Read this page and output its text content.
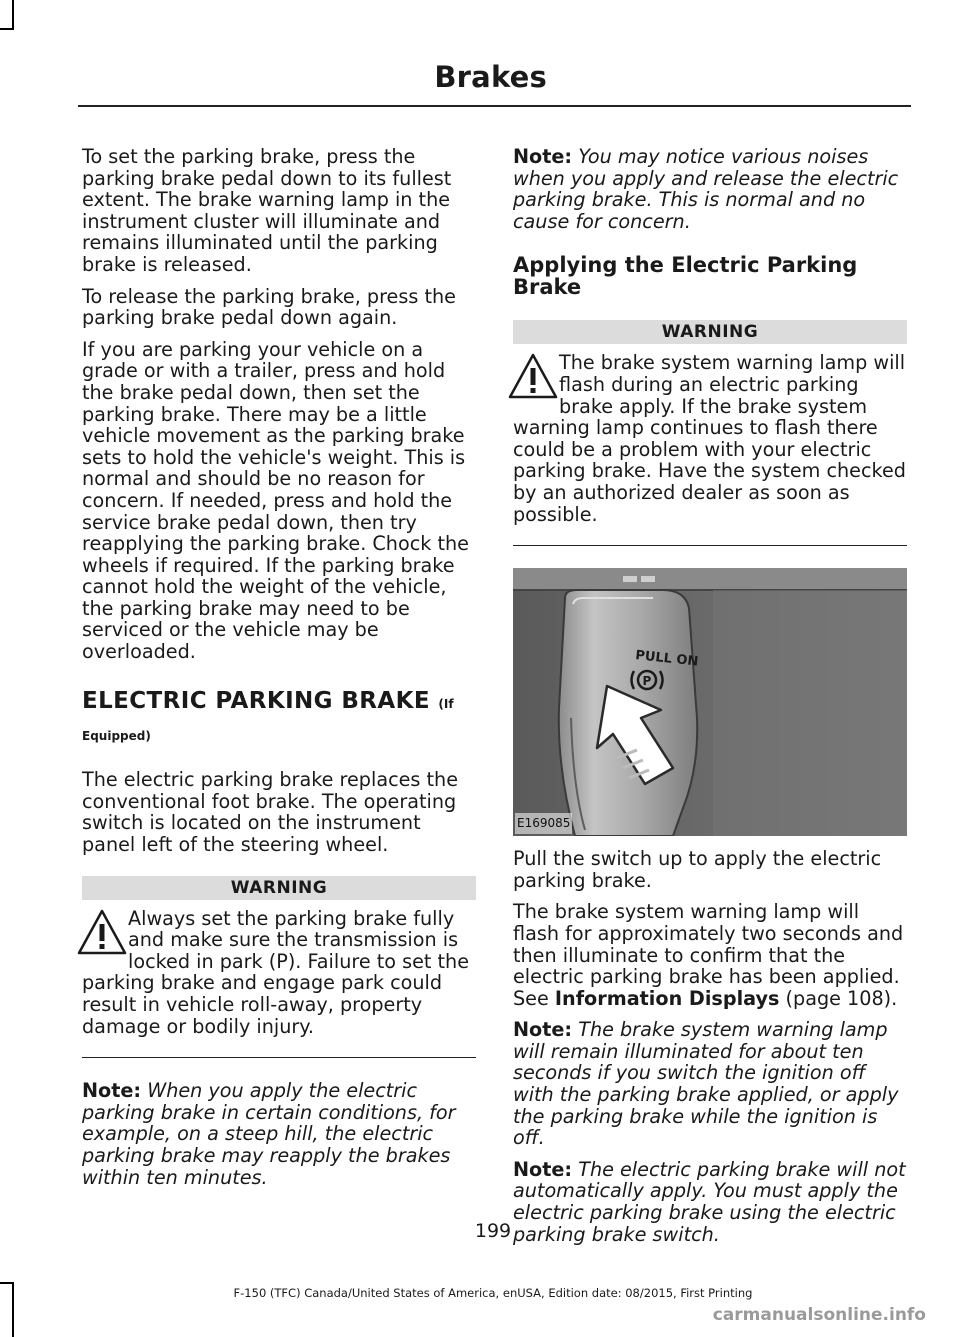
Brakes

To set the parking brake, press the parking brake pedal down to its fullest extent. The brake warning lamp in the instrument cluster will illuminate and remains illuminated until the parking brake is released.

To release the parking brake, press the parking brake pedal down again.

If you are parking your vehicle on a grade or with a trailer, press and hold the brake pedal down, then set the parking brake. There may be a little vehicle movement as the parking brake sets to hold the vehicle's weight. This is normal and should be no reason for concern. If needed, press and hold the service brake pedal down, then try reapplying the parking brake. Chock the wheels if required. If the parking brake cannot hold the weight of the vehicle, the parking brake may need to be serviced or the vehicle may be overloaded.

ELECTRIC PARKING BRAKE (If
Equipped)

The electric parking brake replaces the conventional foot brake. The operating switch is located on the instrument panel left of the steering wheel.

WARNING

Always set the parking brake fully and make sure the transmission is locked in park (P). Failure to set the parking brake and engage park could result in vehicle roll-away, property damage or bodily injury.

Note: When you apply the electric parking brake in certain conditions, for example, on a steep hill, the electric parking brake may reapply the brakes within ten minutes.

Note: You may notice various noises when you apply and release the electric parking brake. This is normal and no cause for concern.

Applying the Electric Parking Brake
WARNING

The brake system warning lamp will flash during an electric parking brake apply. If the brake system warning lamp continues to flash there could be a problem with your electric parking brake. Have the system checked by an authorized dealer as soon as possible.

PULL ON
P
E169085

Pull the switch up to apply the electric parking brake.

The brake system warning lamp will flash for approximately two seconds and then illuminate to confirm that the electric parking brake has been applied. See Information Displays (page 108).

Note: The brake system warning lamp will remain illuminated for about ten seconds if you switch the ignition off with the parking brake applied, or apply the parking brake while the ignition is off.

Note: The electric parking brake will not automatically apply. You must apply the electric parking brake using the electric parking brake switch.

199
F-150 (TFC) Canada/United States of America, enUSA, Edition date: 08/2015, First Printing
carmanualsonline.info
